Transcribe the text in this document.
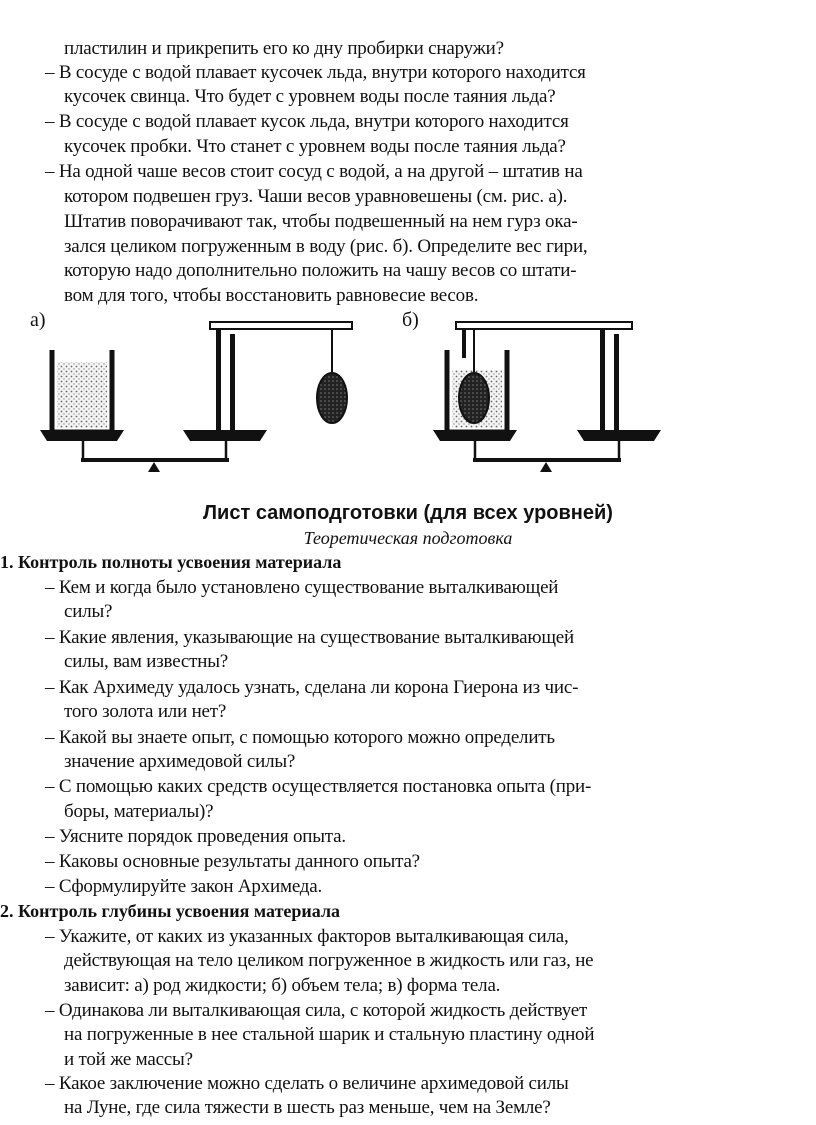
пластилин и прикрепить его ко дну пробирки снаружи?
– В сосуде с водой плавает кусочек льда, внутри которого находится
кусочек свинца. Что будет с уровнем воды после таяния льда?
– В сосуде с водой плавает кусок льда, внутри которого находится
кусочек пробки. Что станет с уровнем воды после таяния льда?
– На одной чаше весов стоит сосуд с водой, а на другой – штатив на
котором подвешен груз. Чаши весов уравновешены (см. рис. а).
Штатив поворачивают так, чтобы подвешенный на нем гурз ока-
зался целиком погруженным в воду (рис. б). Определите вес гири,
которую надо дополнительно положить на чашу весов со штати-
вом для того, чтобы восстановить равновесие весов.
а)	б)
Лист самоподготовки (для всех уровней)
Теоретическая подготовка
1. Контроль полноты усвоения материала
– Кем и когда было установлено существование выталкивающей
силы?
– Какие явления, указывающие на существование выталкивающей
силы, вам известны?
– Как Архимеду удалось узнать, сделана ли корона Гиерона из чис-
того золота или нет?
– Какой вы знаете опыт, с помощью которого можно определить
значение архимедовой силы?
– С помощью каких средств осуществляется постановка опыта (при-
боры, материалы)?
– Уясните порядок проведения опыта.
– Каковы основные результаты данного опыта?
– Сформулируйте закон Архимеда.
2. Контроль глубины усвоения материала
– Укажите, от каких из указанных факторов выталкивающая сила,
действующая на тело целиком погруженное в жидкость или газ, не
зависит: а) род жидкости; б) объем тела; в) форма тела.
– Одинакова ли выталкивающая сила, с которой жидкость действует
на погруженные в нее стальной шарик и стальную пластину одной
и той же массы?
– Какое заключение можно сделать о величине архимедовой силы
на Луне, где сила тяжести в шесть раз меньше, чем на Земле?
